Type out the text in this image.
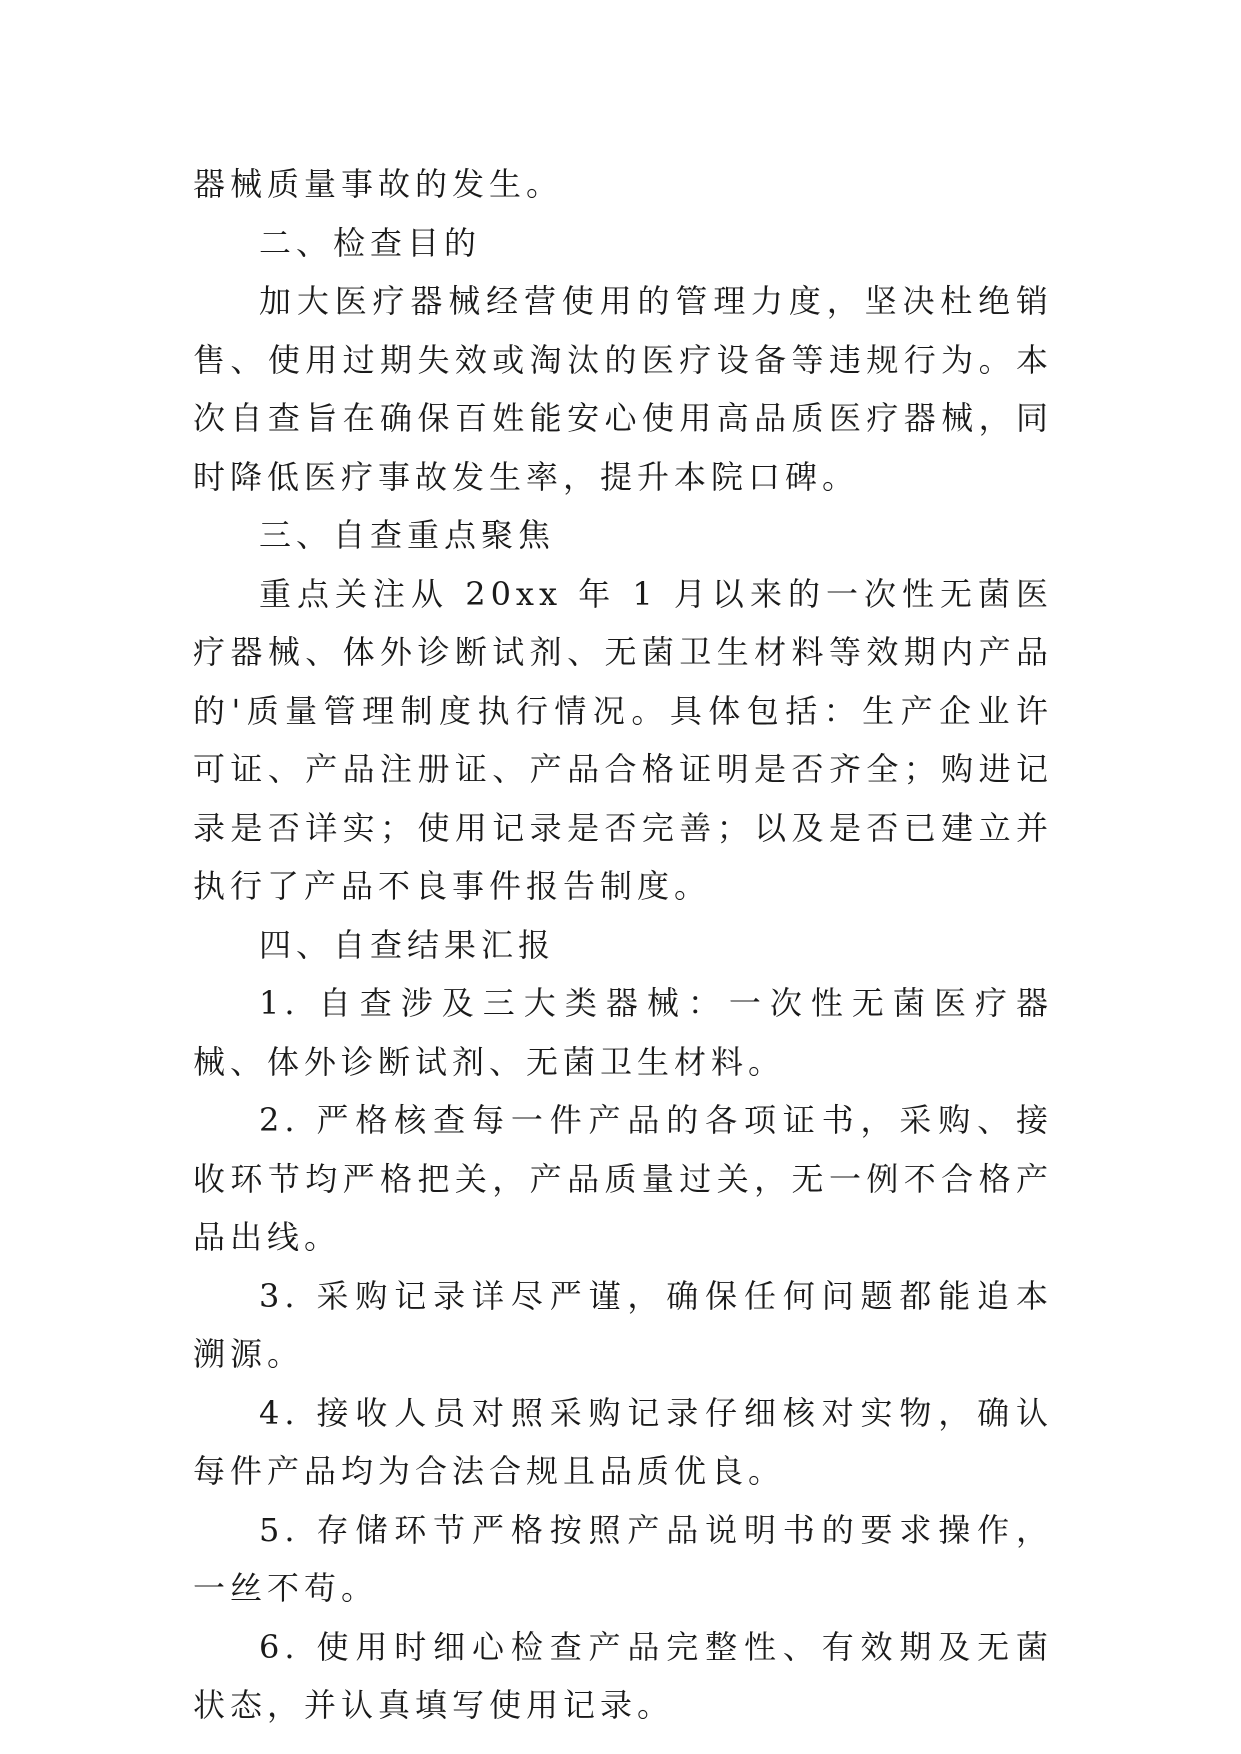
器械质量事故的发生。

二、检查目的

加大医疗器械经营使用的管理力度，坚决杜绝销售、使用过期失效或淘汰的医疗设备等违规行为。本次自查旨在确保百姓能安心使用高品质医疗器械，同时降低医疗事故发生率，提升本院口碑。

三、自查重点聚焦

重点关注从 20xx 年 1 月以来的一次性无菌医疗器械、体外诊断试剂、无菌卫生材料等效期内产品的'质量管理制度执行情况。具体包括：生产企业许可证、产品注册证、产品合格证明是否齐全；购进记录是否详实；使用记录是否完善；以及是否已建立并执行了产品不良事件报告制度。

四、自查结果汇报

1. 自查涉及三大类器械：一次性无菌医疗器械、体外诊断试剂、无菌卫生材料。

2. 严格核查每一件产品的各项证书，采购、接收环节均严格把关，产品质量过关，无一例不合格产品出线。

3. 采购记录详尽严谨，确保任何问题都能追本溯源。

4. 接收人员对照采购记录仔细核对实物，确认每件产品均为合法合规且品质优良。

5. 存储环节严格按照产品说明书的要求操作，一丝不苟。

6. 使用时细心检查产品完整性、有效期及无菌状态，并认真填写使用记录。
